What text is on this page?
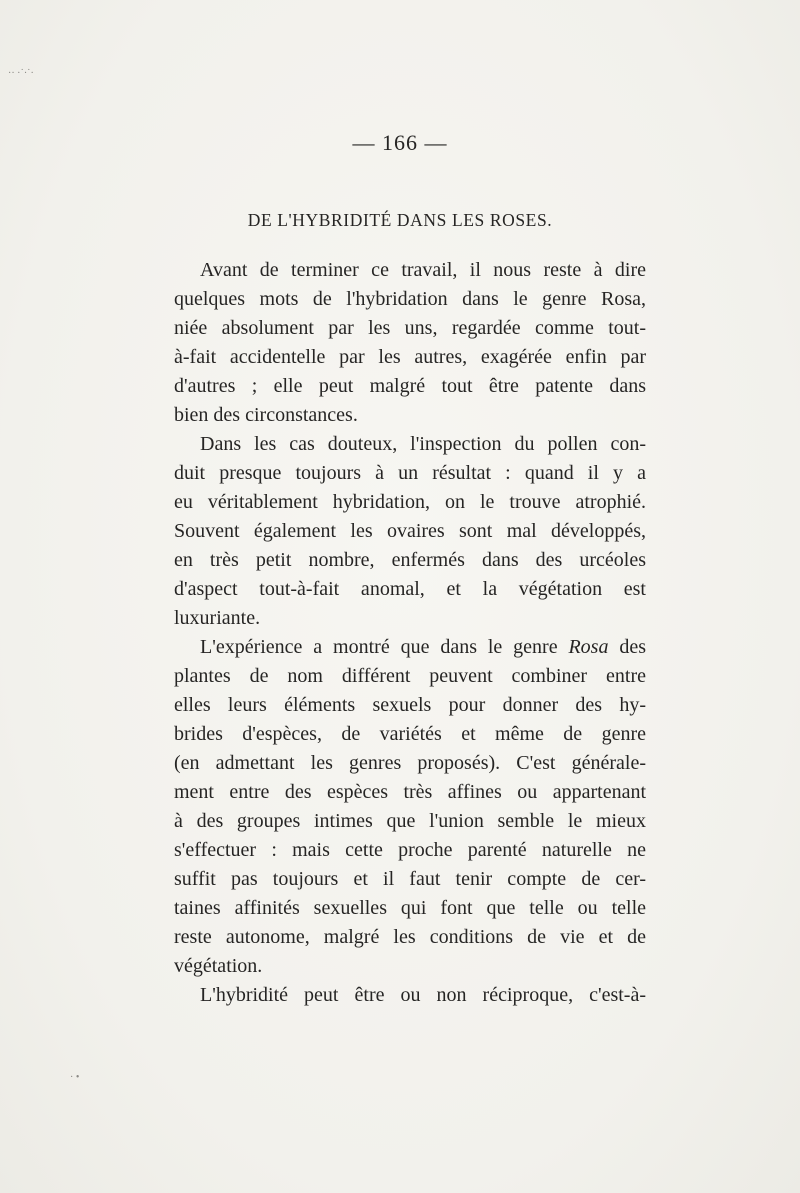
— 166 —
DE L'HYBRIDITÉ DANS LES ROSES.
Avant de terminer ce travail, il nous reste à dire
quelques mots de l'hybridation dans le genre Rosa,
niée absolument par les uns, regardée comme tout-
à-fait accidentelle par les autres, exagérée enfin par
d'autres ; elle peut malgré tout être patente dans
bien des circonstances.
Dans les cas douteux, l'inspection du pollen con-
duit presque toujours à un résultat : quand il y a
eu véritablement hybridation, on le trouve atrophié.
Souvent également les ovaires sont mal développés,
en très petit nombre, enfermés dans des urcéoles
d'aspect tout-à-fait anomal, et la végétation est
luxuriante.
L'expérience a montré que dans le genre Rosa des
plantes de nom différent peuvent combiner entre
elles leurs éléments sexuels pour donner des hy-
brides d'espèces, de variétés et même de genre
(en admettant les genres proposés). C'est générale-
ment entre des espèces très affines ou appartenant
à des groupes intimes que l'union semble le mieux
s'effectuer : mais cette proche parenté naturelle ne
suffit pas toujours et il faut tenir compte de cer-
taines affinités sexuelles qui font que telle ou telle
reste autonome, malgré les conditions de vie et de
végétation.
L'hybridité peut être ou non réciproque, c'est-à-
·· ·˙·˙·
· •
